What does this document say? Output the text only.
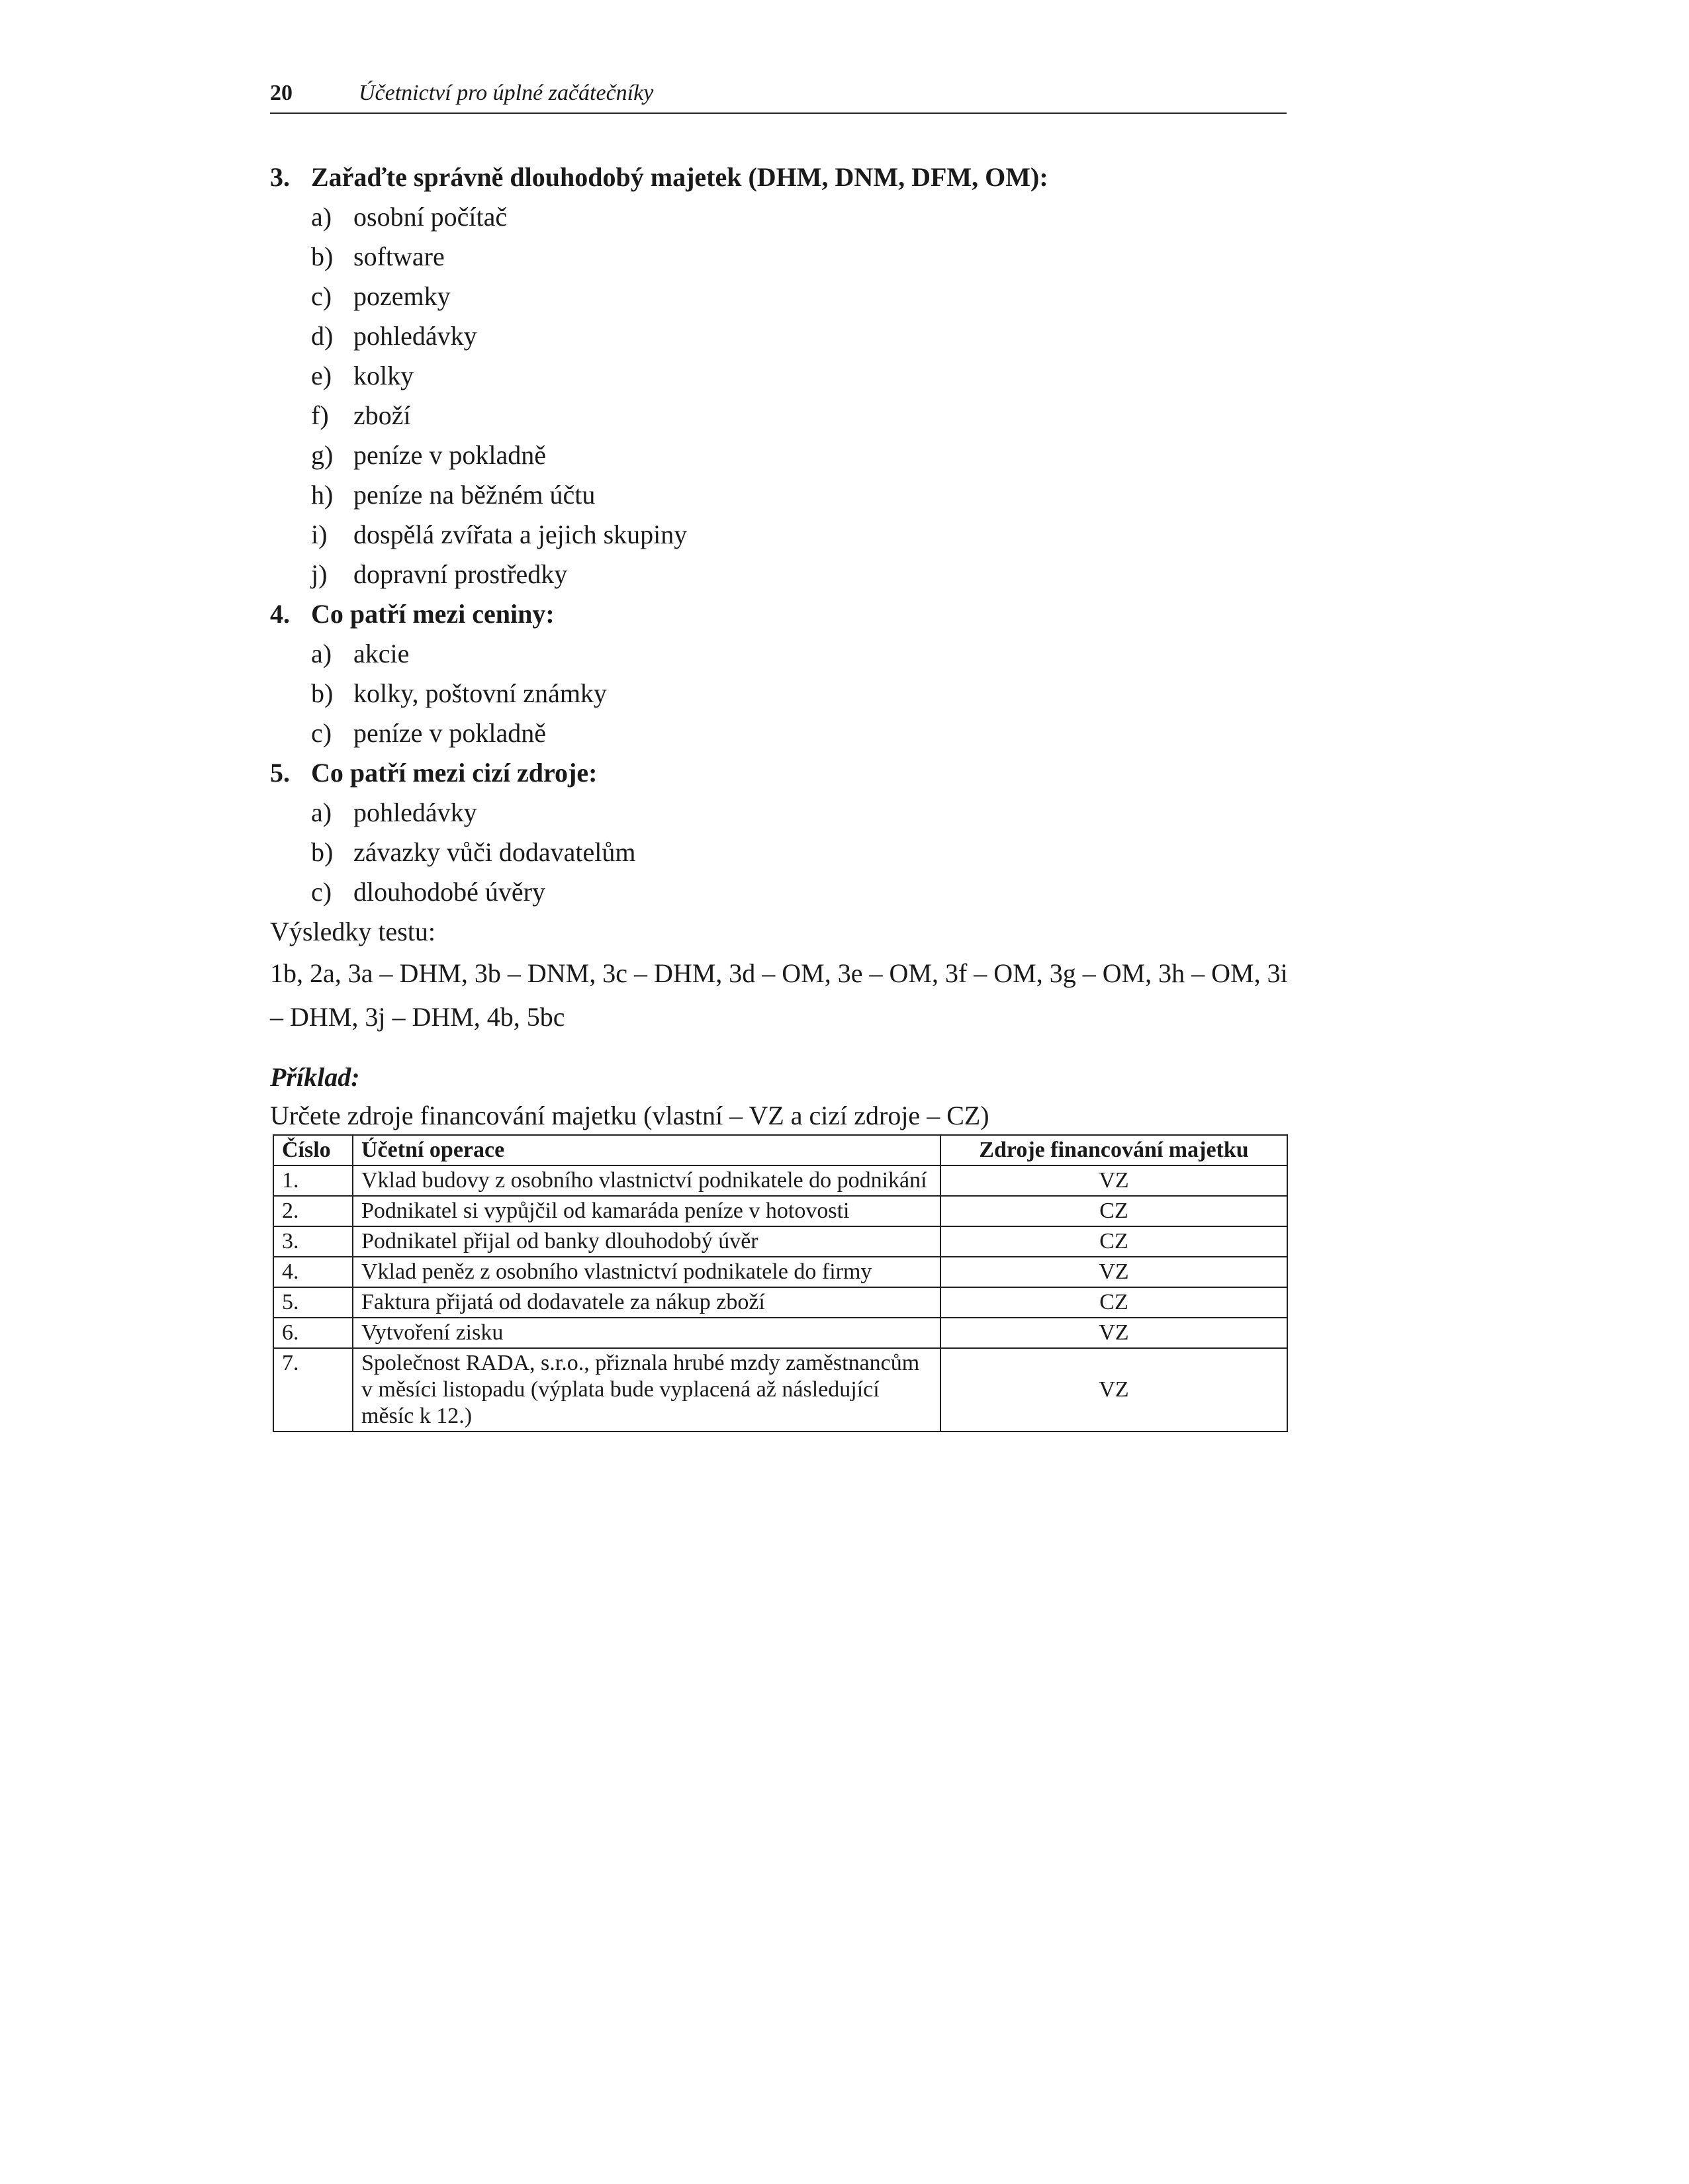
20	Účetnictví pro úplné začátečníky
3. Zařaďte správně dlouhodobý majetek (DHM, DNM, DFM, OM):
a) osobní počítač
b) software
c) pozemky
d) pohledávky
e) kolky
f) zboží
g) peníze v pokladně
h) peníze na běžném účtu
i) dospělá zvířata a jejich skupiny
j) dopravní prostředky
4. Co patří mezi ceniny:
a) akcie
b) kolky, poštovní známky
c) peníze v pokladně
5. Co patří mezi cizí zdroje:
a) pohledávky
b) závazky vůči dodavatelům
c) dlouhodobé úvěry
Výsledky testu:
1b, 2a, 3a – DHM, 3b – DNM, 3c – DHM, 3d – OM, 3e – OM, 3f – OM, 3g – OM, 3h – OM, 3i – DHM, 3j – DHM, 4b, 5bc
Příklad:
Určete zdroje financování majetku (vlastní – VZ a cizí zdroje – CZ)
Číslo	Účetní operace	Zdroje financování majetku
1.	Vklad budovy z osobního vlastnictví podnikatele do podnikání	VZ
2.	Podnikatel si vypůjčil od kamaráda peníze v hotovosti	CZ
3.	Podnikatel přijal od banky dlouhodobý úvěr	CZ
4.	Vklad peněz z osobního vlastnictví podnikatele do firmy	VZ
5.	Faktura přijatá od dodavatele za nákup zboží	CZ
6.	Vytvoření zisku	VZ
7.	Společnost RADA, s.r.o., přiznala hrubé mzdy zaměstnancům v měsíci listopadu (výplata bude vyplacená až následující měsíc k 12.)	VZ
